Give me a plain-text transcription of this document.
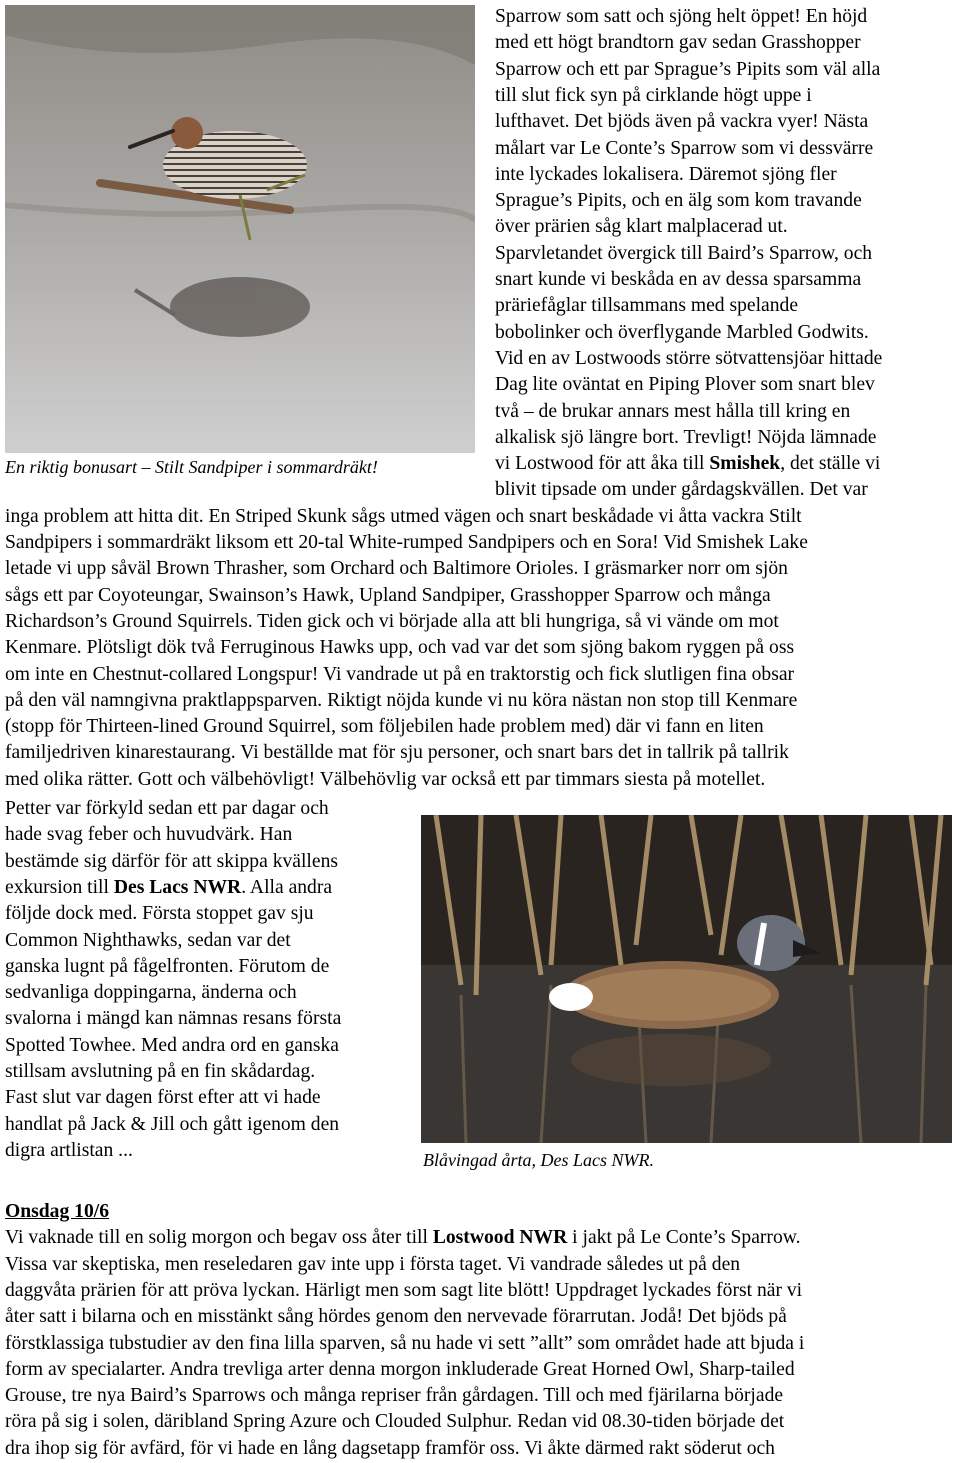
En riktig bonusart – Stilt Sandpiper i sommardräkt!
Sparrow som satt och sjöng helt öppet! En höjd
med ett högt brandtorn gav sedan Grasshopper
Sparrow och ett par Sprague’s Pipits som väl alla
till slut fick syn på cirklande högt uppe i
lufthavet. Det bjöds även på vackra vyer! Nästa
målart var Le Conte’s Sparrow som vi dessvärre
inte lyckades lokalisera. Däremot sjöng fler
Sprague’s Pipits, och en älg som kom travande
över prärien såg klart malplacerad ut.
Sparvletandet övergick till Baird’s Sparrow, och
snart kunde vi beskåda en av dessa sparsamma
präriefåglar tillsammans med spelande
bobolinker och överflygande Marbled Godwits.
Vid en av Lostwoods större sötvattensjöar hittade
Dag lite oväntat en Piping Plover som snart blev
två – de brukar annars mest hålla till kring en
alkalisk sjö längre bort. Trevligt! Nöjda lämnade
vi Lostwood för att åka till Smishek, det ställe vi
blivit tipsade om under gårdagskvällen. Det var
inga problem att hitta dit. En Striped Skunk sågs utmed vägen och snart beskådade vi åtta vackra Stilt
Sandpipers i sommardräkt liksom ett 20-tal White-rumped Sandpipers och en Sora! Vid Smishek Lake
letade vi upp såväl Brown Thrasher, som Orchard och Baltimore Orioles. I gräsmarker norr om sjön
sågs ett par Coyoteungar, Swainson’s Hawk, Upland Sandpiper, Grasshopper Sparrow och många
Richardson’s Ground Squirrels. Tiden gick och vi började alla att bli hungriga, så vi vände om mot
Kenmare. Plötsligt dök två Ferruginous Hawks upp, och vad var det som sjöng bakom ryggen på oss
om inte en Chestnut-collared Longspur! Vi vandrade ut på en traktorstig och fick slutligen fina obsar
på den väl namngivna praktlappsparven. Riktigt nöjda kunde vi nu köra nästan non stop till Kenmare
(stopp för Thirteen-lined Ground Squirrel, som följebilen hade problem med) där vi fann en liten
familjedriven kinarestaurang. Vi beställde mat för sju personer, och snart bars det in tallrik på tallrik
med olika rätter. Gott och välbehövligt! Välbehövlig var också ett par timmars siesta på motellet.
Petter var förkyld sedan ett par dagar och
hade svag feber och huvudvärk. Han
bestämde sig därför för att skippa kvällens
exkursion till Des Lacs NWR. Alla andra
följde dock med. Första stoppet gav sju
Common Nighthawks, sedan var det
ganska lugnt på fågelfronten. Förutom de
sedvanliga doppingarna, änderna och
svalorna i mängd kan nämnas resans första
Spotted Towhee. Med andra ord en ganska
stillsam avslutning på en fin skådardag.
Fast slut var dagen först efter att vi hade
handlat på Jack & Jill och gått igenom den
digra artlistan ...	Blåvingad årta, Des Lacs NWR.
Onsdag 10/6
Vi vaknade till en solig morgon och begav oss åter till Lostwood NWR i jakt på Le Conte’s Sparrow.
Vissa var skeptiska, men reseledaren gav inte upp i första taget. Vi vandrade således ut på den
daggvåta prärien för att pröva lyckan. Härligt men som sagt lite blött! Uppdraget lyckades först när vi
åter satt i bilarna och en misstänkt sång hördes genom den nervevade förarrutan. Jodå! Det bjöds på
förstklassiga tubstudier av den fina lilla sparven, så nu hade vi sett ”allt” som området hade att bjuda i
form av specialarter. Andra trevliga arter denna morgon inkluderade Great Horned Owl, Sharp-tailed
Grouse, tre nya Baird’s Sparrows och många repriser från gårdagen. Till och med fjärilarna började
röra på sig i solen, däribland Spring Azure och Clouded Sulphur. Redan vid 08.30-tiden började det
dra ihop sig för avfärd, för vi hade en lång dagsetapp framför oss. Vi åkte därmed rakt söderut och
